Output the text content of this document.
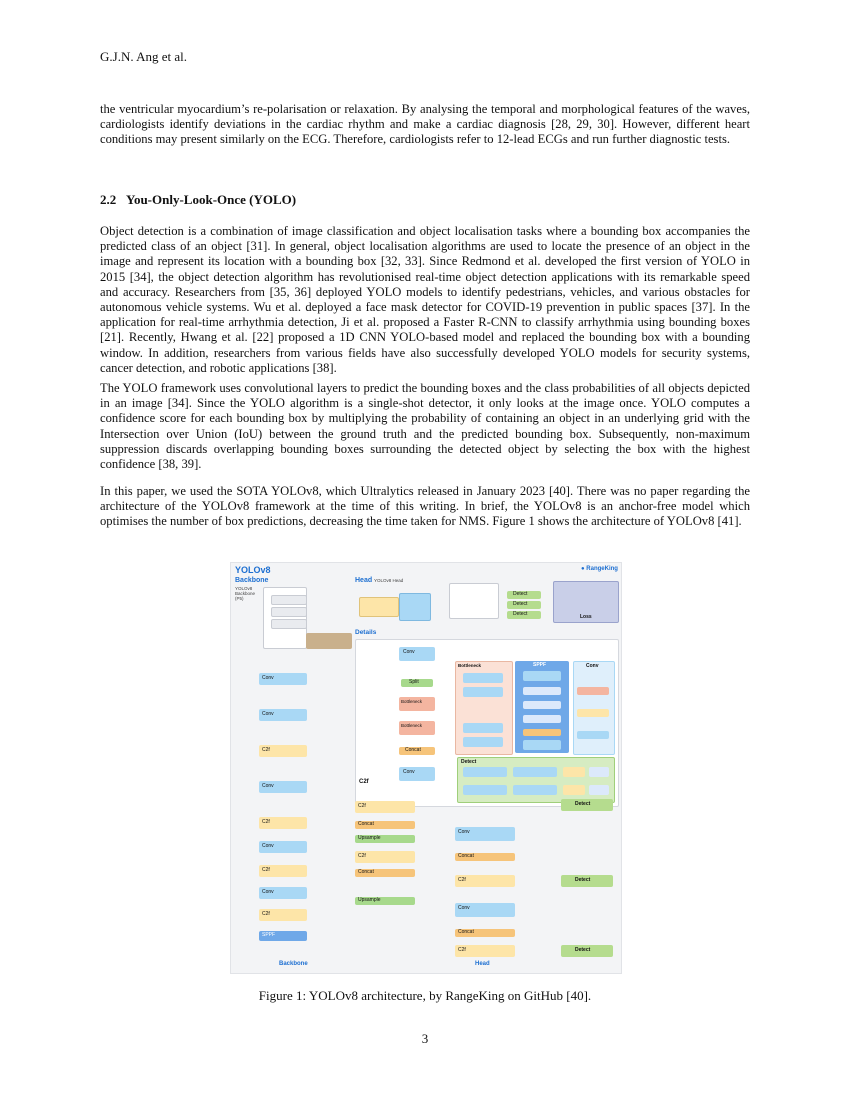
G.J.N. Ang et al.

the ventricular myocardium’s re-polarisation or relaxation. By analysing the temporal and morphological features of the waves, cardiologists identify deviations in the cardiac rhythm and make a cardiac diagnosis [28, 29, 30]. However, different heart conditions may present similarly on the ECG. Therefore, cardiologists refer to 12-lead ECGs and run further diagnostic tests.

2.2 You-Only-Look-Once (YOLO)

Object detection is a combination of image classification and object localisation tasks where a bounding box accompanies the predicted class of an object [31]. In general, object localisation algorithms are used to locate the presence of an object in the image and represent its location with a bounding box [32, 33]. Since Redmond et al. developed the first version of YOLO in 2015 [34], the object detection algorithm has revolutionised real-time object detection applications with its remarkable speed and accuracy. Researchers from [35, 36] deployed YOLO models to identify pedestrians, vehicles, and various obstacles for autonomous vehicle systems. Wu et al. deployed a face mask detector for COVID-19 prevention in public spaces [37]. In the application for real-time arrhythmia detection, Ji et al. proposed a Faster R-CNN to classify arrhythmia using bounding boxes [21]. Recently, Hwang et al. [22] proposed a 1D CNN YOLO-based model and replaced the bounding box with a bounding window. In addition, researchers from various fields have also successfully developed YOLO models for security systems, cancer detection, and robotic applications [38].

The YOLO framework uses convolutional layers to predict the bounding boxes and the class probabilities of all objects depicted in an image [34]. Since the YOLO algorithm is a single-shot detector, it only looks at the image once. YOLO computes a confidence score for each bounding box by multiplying the probability of containing an object in an underlying grid with the Intersection over Union (IoU) between the ground truth and the predicted bounding box. Subsequently, non-maximum suppression discards overlapping bounding boxes surrounding the detected object by selecting the box with the highest confidence [38, 39].

In this paper, we used the SOTA YOLOv8, which Ultralytics released in January 2023 [40]. There was no paper regarding the architecture of the YOLOv8 framework at the time of this writing. In brief, the YOLOv8 is an anchor-free model which optimises the number of box predictions, decreasing the time taken for NMS. Figure 1 shows the architecture of YOLOv8 [41].

YOLOv8	● RangeKing
Backbone
YOLOv8 Backbone (P5)
Head YOLOv8 Head
Detect
Detect
Detect	Loss
Details
Conv
Split
Bottleneck
Bottleneck
Concat
Conv
C2f
Bottleneck	SPPF	Conv
Detect
Conv
Conv
C2f
Conv
C2f
Conv
C2f
Conv
C2f
SPPF
C2f
Concat
Upsample
C2f
Concat
Upsample
Conv
Concat
C2f
Conv
Concat
C2f
Detect
Detect
Detect
Backbone	Head
Figure 1: YOLOv8 architecture, by RangeKing on GitHub [40].
3
